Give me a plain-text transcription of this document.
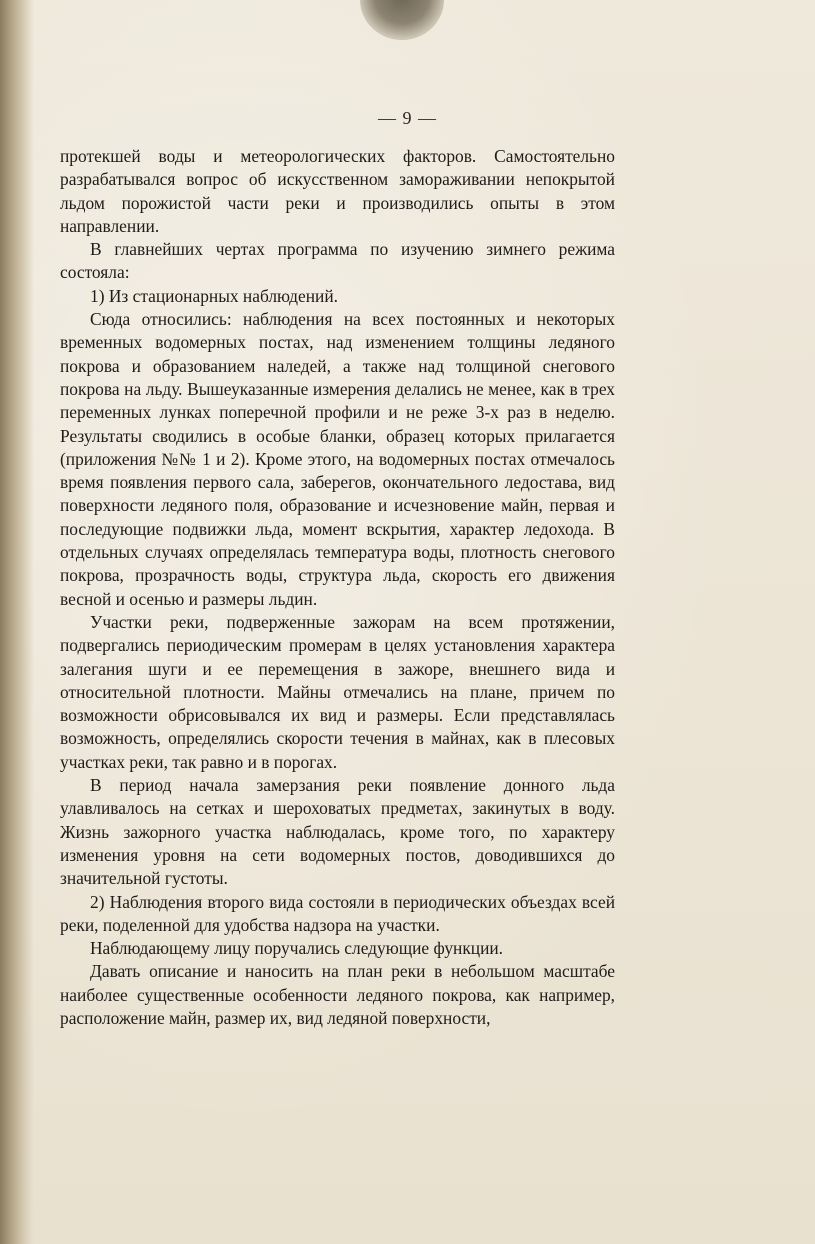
— 9 —

протекшей воды и метеорологических факторов. Самостоятельно разрабатывался вопрос об искусственном замораживании непокрытой льдом порожистой части реки и производились опыты в этом направлении.

В главнейших чертах программа по изучению зимнего режима состояла:

1) Из стационарных наблюдений.

Сюда относились: наблюдения на всех постоянных и некоторых временных водомерных постах, над изменением толщины ледяного покрова и образованием наледей, а также над толщиной снегового покрова на льду. Вышеуказанные измерения делались не менее, как в трех переменных лунках поперечной профили и не реже 3-х раз в неделю. Результаты сводились в особые бланки, образец которых прилагается (приложения №№ 1 и 2). Кроме этого, на водомерных постах отмечалось время появления первого сала, заберегов, окончательного ледостава, вид поверхности ледяного поля, образование и исчезновение майн, первая и последующие подвижки льда, момент вскрытия, характер ледохода. В отдельных случаях определялась температура воды, плотность снегового покрова, прозрачность воды, структура льда, скорость его движения весной и осенью и размеры льдин.

Участки реки, подверженные зажорам на всем протяжении, подвергались периодическим промерам в целях установления характера залегания шуги и ее перемещения в зажоре, внешнего вида и относительной плотности. Майны отмечались на плане, причем по возможности обрисовывался их вид и размеры. Если представлялась возможность, определялись скорости течения в майнах, как в плесовых участках реки, так равно и в порогах.

В период начала замерзания реки появление донного льда улавливалось на сетках и шероховатых предметах, закинутых в воду. Жизнь зажорного участка наблюдалась, кроме того, по характеру изменения уровня на сети водомерных постов, доводившихся до значительной густоты.

2) Наблюдения второго вида состояли в периодических объездах всей реки, поделенной для удобства надзора на участки.

Наблюдающему лицу поручались следующие функции.

Давать описание и наносить на план реки в небольшом масштабе наиболее существенные особенности ледяного покрова, как например, расположение майн, размер их, вид ледяной поверхности,
